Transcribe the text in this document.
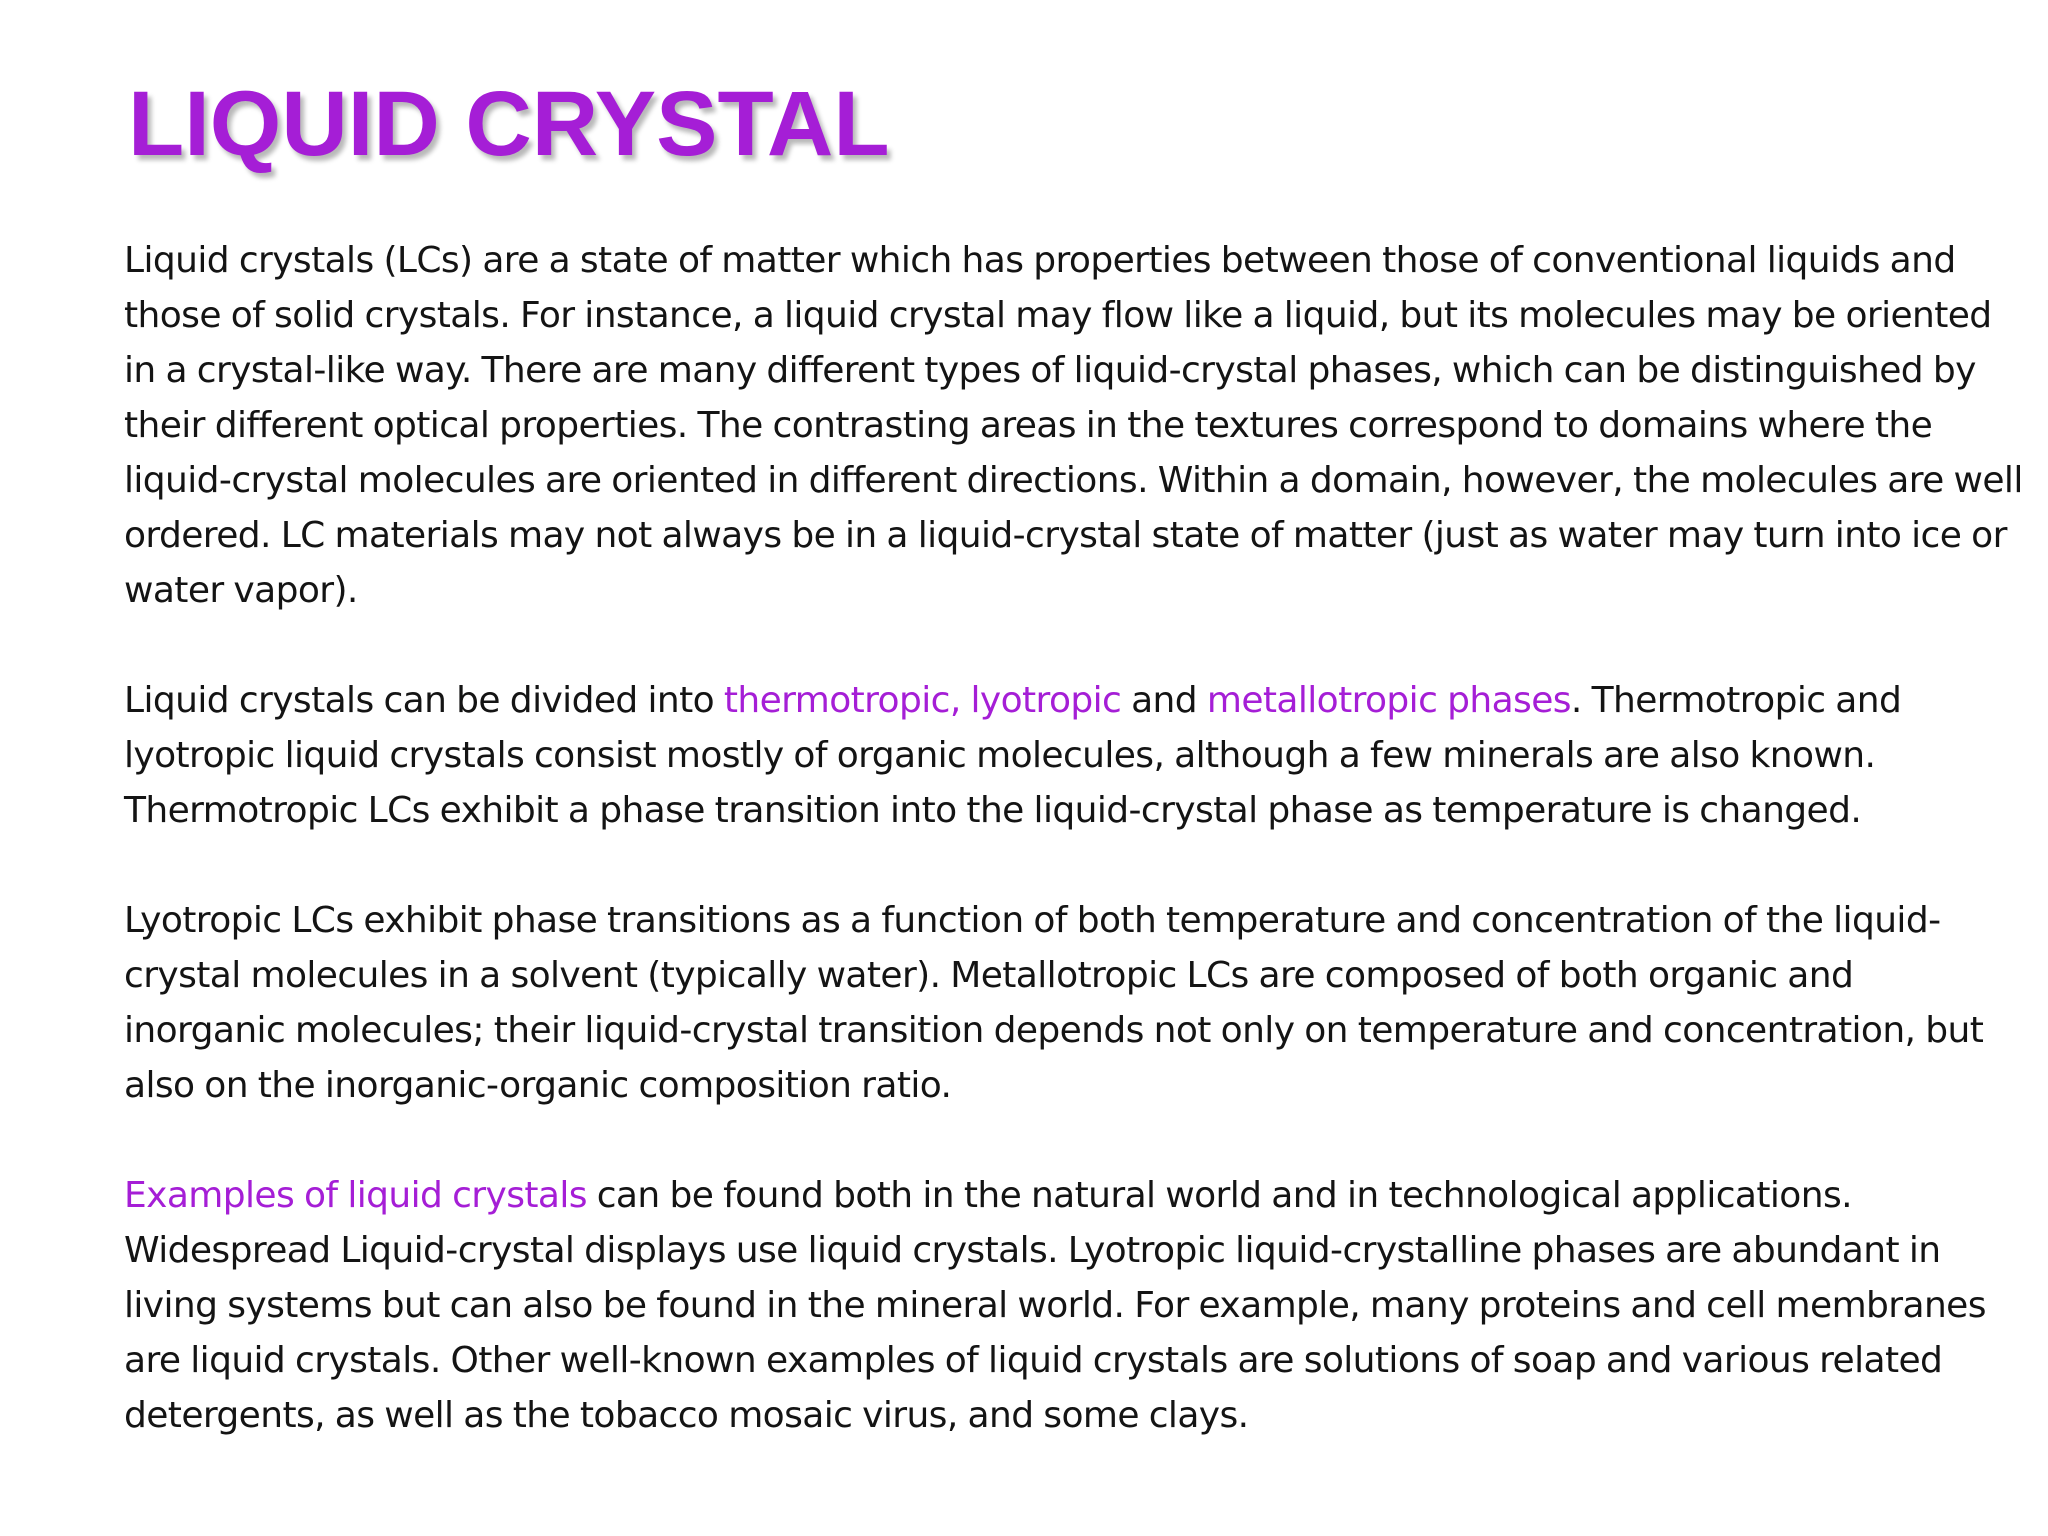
LIQUID CRYSTAL

Liquid crystals (LCs) are a state of matter which has properties between those of conventional liquids and those of solid crystals. For instance, a liquid crystal may flow like a liquid, but its molecules may be oriented in a crystal-like way. There are many different types of liquid-crystal phases, which can be distinguished by their different optical properties. The contrasting areas in the textures correspond to domains where the liquid-crystal molecules are oriented in different directions. Within a domain, however, the molecules are well ordered. LC materials may not always be in a liquid-crystal state of matter (just as water may turn into ice or water vapor).

Liquid crystals can be divided into thermotropic, lyotropic and metallotropic phases. Thermotropic and lyotropic liquid crystals consist mostly of organic molecules, although a few minerals are also known. Thermotropic LCs exhibit a phase transition into the liquid-crystal phase as temperature is changed.

Lyotropic LCs exhibit phase transitions as a function of both temperature and concentration of the liquid-crystal molecules in a solvent (typically water). Metallotropic LCs are composed of both organic and inorganic molecules; their liquid-crystal transition depends not only on temperature and concentration, but also on the inorganic-organic composition ratio.

Examples of liquid crystals can be found both in the natural world and in technological applications. Widespread Liquid-crystal displays use liquid crystals. Lyotropic liquid-crystalline phases are abundant in living systems but can also be found in the mineral world. For example, many proteins and cell membranes are liquid crystals. Other well-known examples of liquid crystals are solutions of soap and various related detergents, as well as the tobacco mosaic virus, and some clays.
